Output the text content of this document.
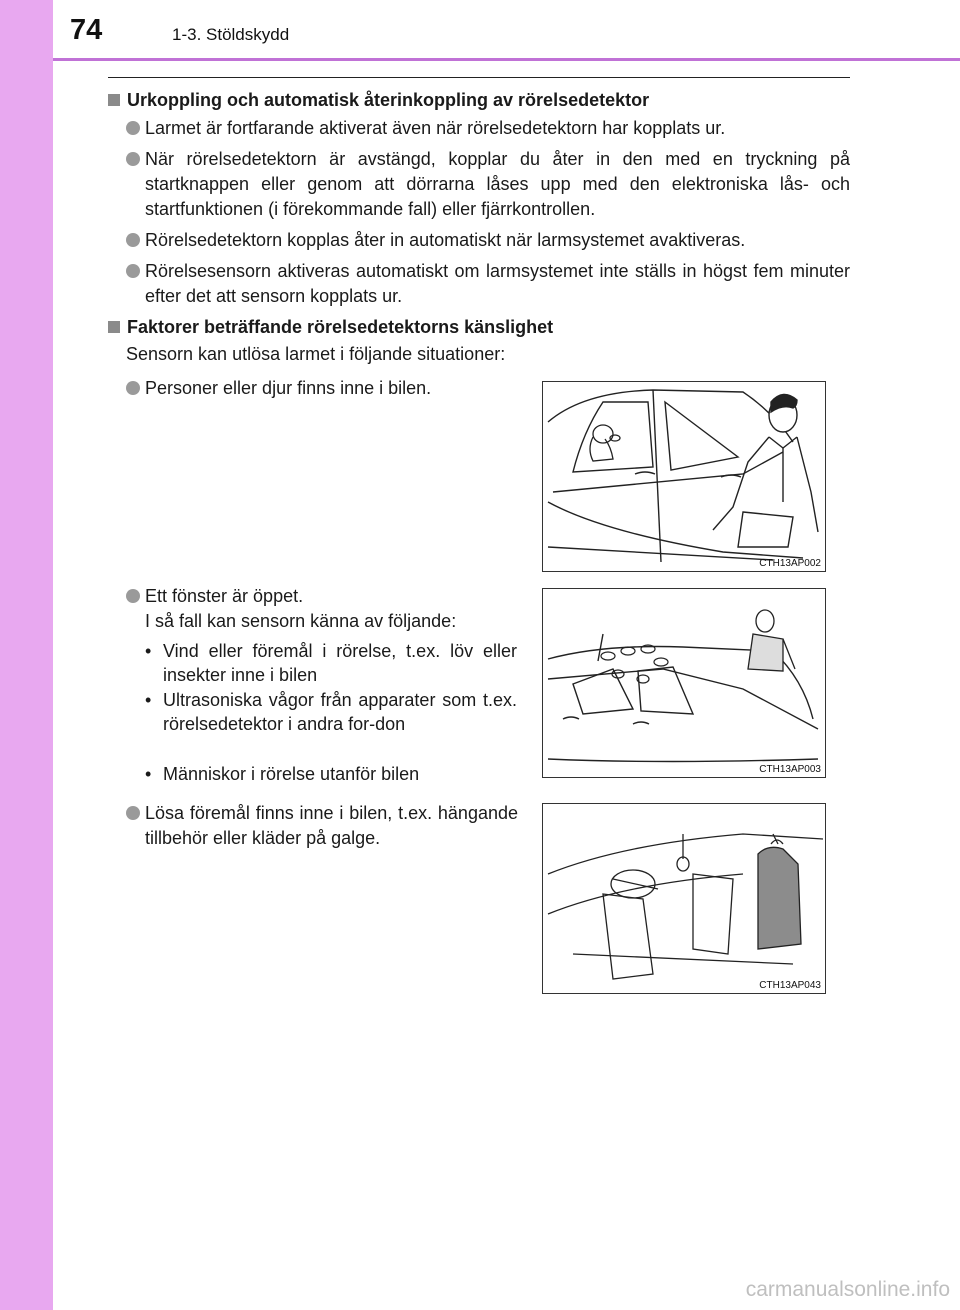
74	1-3. Stöldskydd
Urkoppling och automatisk återinkoppling av rörelsedetektor
Larmet är fortfarande aktiverat även när rörelsedetektorn har kopplats ur.
När rörelsedetektorn är avstängd, kopplar du åter in den med en tryckning på startknappen eller genom att dörrarna låses upp med den elektroniska lås- och startfunktionen (i förekommande fall) eller fjärrkontrollen.
Rörelsedetektorn kopplas åter in automatiskt när larmsystemet avaktiveras.
Rörelsesensorn aktiveras automatiskt om larmsystemet inte ställs in högst fem minuter efter det att sensorn kopplats ur.
Faktorer beträffande rörelsedetektorns känslighet
Sensorn kan utlösa larmet i följande situationer:
Personer eller djur finns inne i bilen.
CTH13AP002
Ett fönster är öppet.
I så fall kan sensorn känna av följande:
• Vind eller föremål i rörelse, t.ex. löv eller insekter inne i bilen
• Ultrasoniska vågor från apparater som t.ex. rörelsedetektor i andra for-don
• Människor i rörelse utanför bilen	CTH13AP003
Lösa föremål finns inne i bilen, t.ex. hängande tillbehör eller kläder på galge.
CTH13AP043
carmanualsonline.info
